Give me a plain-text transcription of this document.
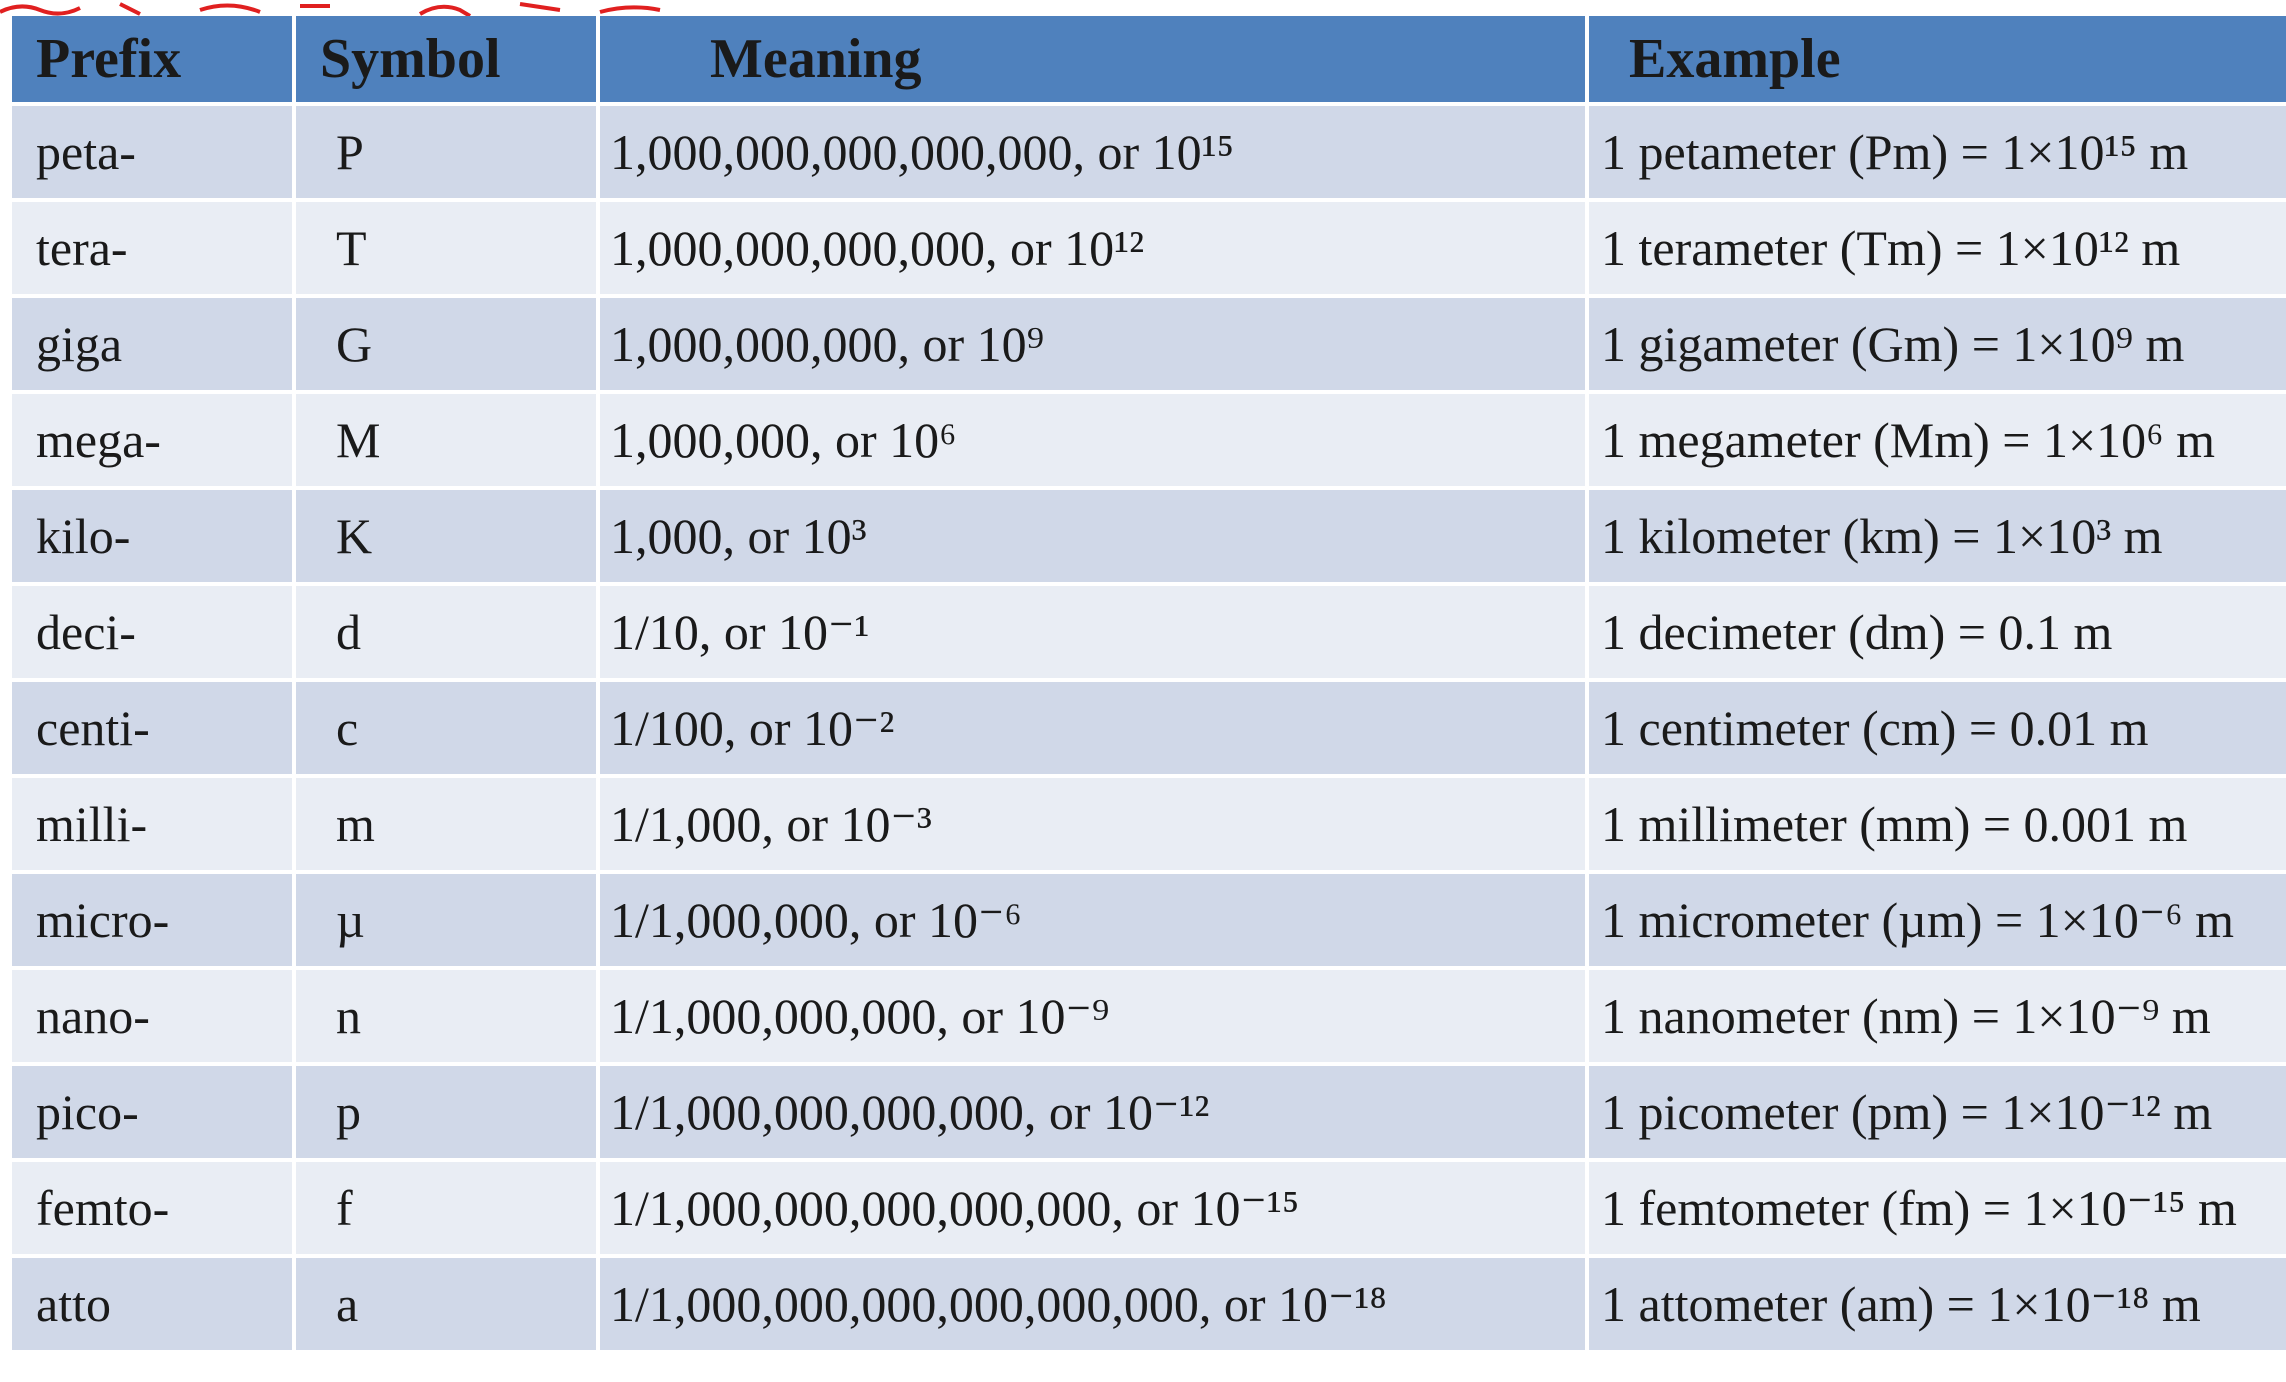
Prefix	Symbol	Meaning	Example
peta-	P	1,000,000,000,000,000, or 10¹⁵	1 petameter (Pm) = 1×10¹⁵ m
tera-	T	1,000,000,000,000, or 10¹²	1 terameter (Tm) = 1×10¹² m
giga	G	1,000,000,000, or 10⁹	1 gigameter (Gm) = 1×10⁹ m
mega-	M	1,000,000, or 10⁶	1 megameter (Mm) = 1×10⁶ m
kilo-	K	1,000, or 10³	1 kilometer (km) = 1×10³ m
deci-	d	1/10, or 10⁻¹	1 decimeter (dm) = 0.1 m
centi-	c	1/100, or 10⁻²	1 centimeter (cm) = 0.01 m
milli-	m	1/1,000, or 10⁻³	1 millimeter (mm) = 0.001 m
micro-	µ	1/1,000,000, or 10⁻⁶	1 micrometer (µm) = 1×10⁻⁶ m
nano-	n	1/1,000,000,000, or 10⁻⁹	1 nanometer (nm) = 1×10⁻⁹ m
pico-	p	1/1,000,000,000,000, or 10⁻¹²	1 picometer (pm) = 1×10⁻¹² m
femto-	f	1/1,000,000,000,000,000, or 10⁻¹⁵	1 femtometer (fm) = 1×10⁻¹⁵ m
atto	a	1/1,000,000,000,000,000,000, or 10⁻¹⁸	1 attometer (am) = 1×10⁻¹⁸ m
